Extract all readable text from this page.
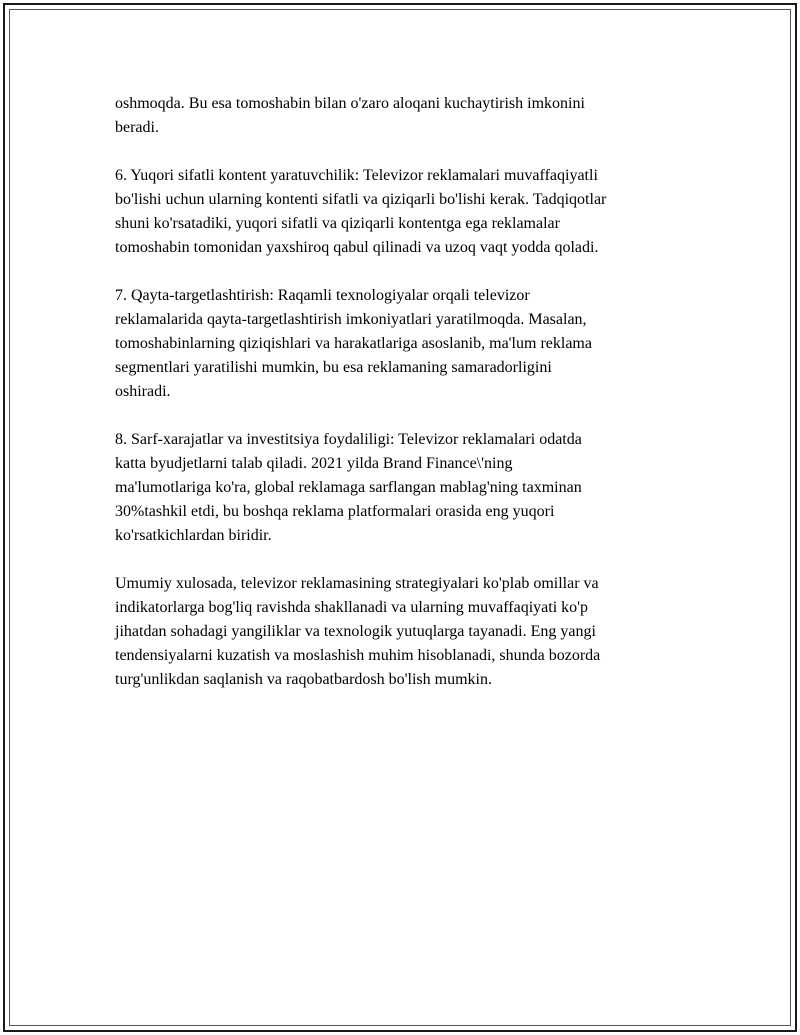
oshmoqda. Bu esa tomoshabin bilan o'zaro aloqani kuchaytirish imkonini
beradi.

6. Yuqori sifatli kontent yaratuvchilik: Televizor reklamalari muvaffaqiyatli
bo'lishi uchun ularning kontenti sifatli va qiziqarli bo'lishi kerak. Tadqiqotlar
shuni ko'rsatadiki, yuqori sifatli va qiziqarli kontentga ega reklamalar
tomoshabin tomonidan yaxshiroq qabul qilinadi va uzoq vaqt yodda qoladi.

7. Qayta-targetlashtirish: Raqamli texnologiyalar orqali televizor
reklamalarida qayta-targetlashtirish imkoniyatlari yaratilmoqda. Masalan,
tomoshabinlarning qiziqishlari va harakatlariga asoslanib, ma'lum reklama
segmentlari yaratilishi mumkin, bu esa reklamaning samaradorligini
oshiradi.

8. Sarf-xarajatlar va investitsiya foydaliligi: Televizor reklamalari odatda
katta byudjetlarni talab qiladi. 2021 yilda Brand Finance\'ning
ma'lumotlariga ko'ra, global reklamaga sarflangan mablag'ning taxminan
30%tashkil etdi, bu boshqa reklama platformalari orasida eng yuqori
ko'rsatkichlardan biridir.

Umumiy xulosada, televizor reklamasining strategiyalari ko'plab omillar va
indikatorlarga bog'liq ravishda shakllanadi va ularning muvaffaqiyati ko'p
jihatdan sohadagi yangiliklar va texnologik yutuqlarga tayanadi. Eng yangi
tendensiyalarni kuzatish va moslashish muhim hisoblanadi, shunda bozorda
turg'unlikdan saqlanish va raqobatbardosh bo'lish mumkin.
